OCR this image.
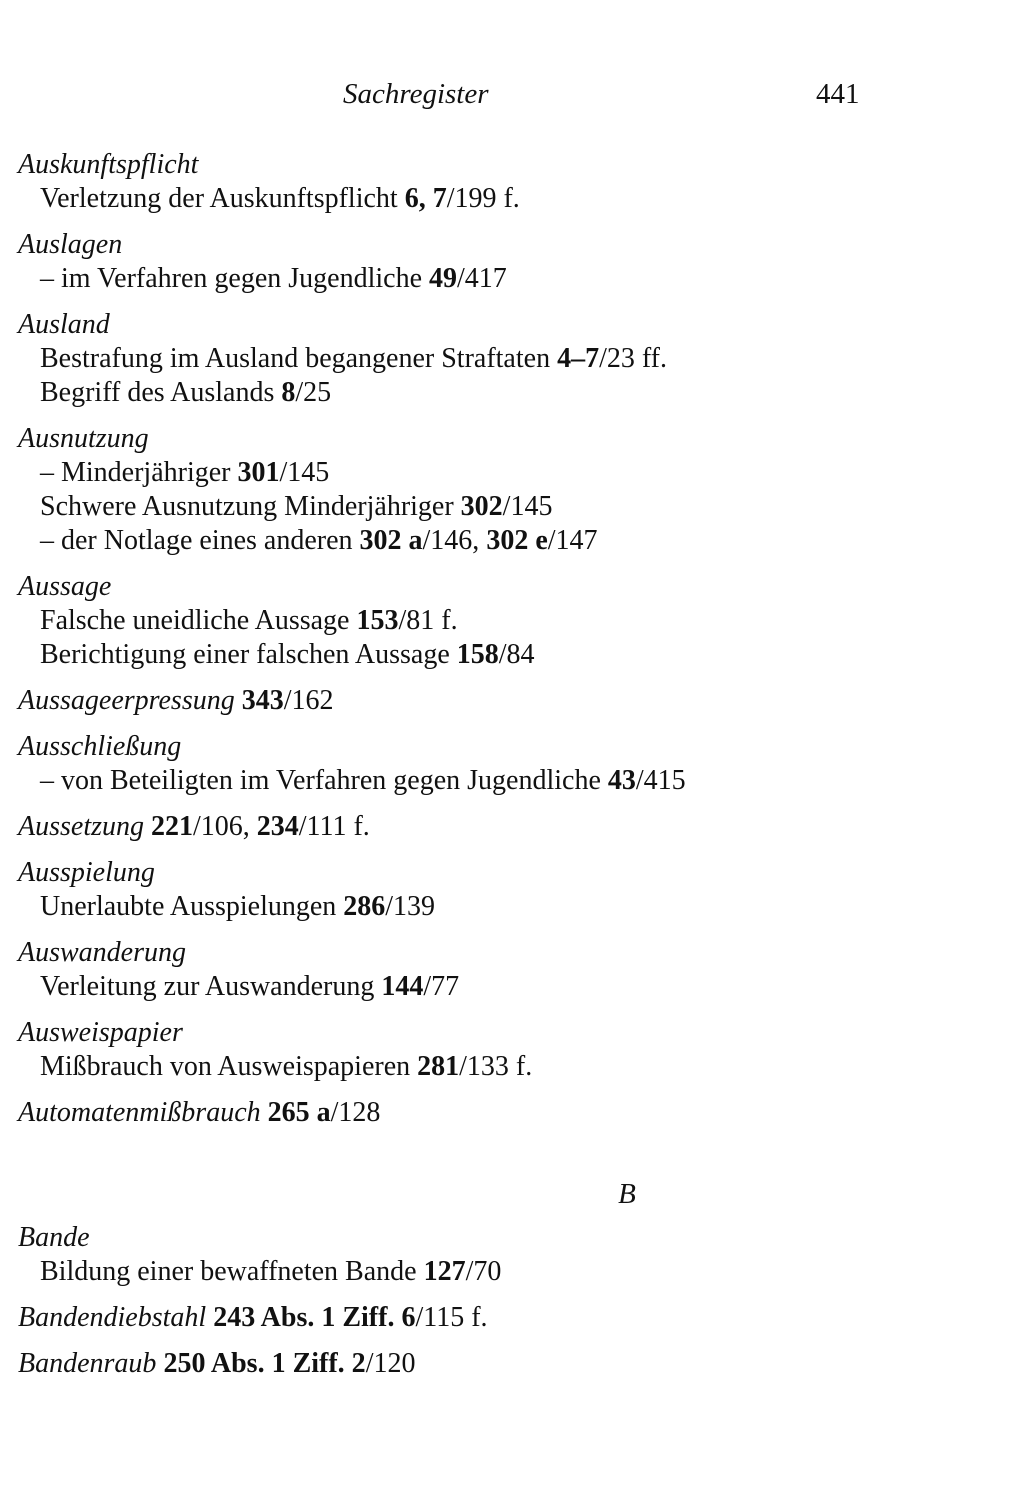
Sachregister	441
Auskunftspflicht
Verletzung der Auskunftspflicht 6, 7/199 f.
Auslagen
– im Verfahren gegen Jugendliche 49/417
Ausland
Bestrafung im Ausland begangener Straftaten 4–7/23 ff.
Begriff des Auslands 8/25
Ausnutzung
– Minderjähriger 301/145
Schwere Ausnutzung Minderjähriger 302/145
– der Notlage eines anderen 302 a/146, 302 e/147
Aussage
Falsche uneidliche Aussage 153/81 f.
Berichtigung einer falschen Aussage 158/84
Aussageerpressung 343/162
Ausschließung
– von Beteiligten im Verfahren gegen Jugendliche 43/415
Aussetzung 221/106, 234/111 f.
Ausspielung
Unerlaubte Ausspielungen 286/139
Auswanderung
Verleitung zur Auswanderung 144/77
Ausweispapier
Mißbrauch von Ausweispapieren 281/133 f.
Automatenmißbrauch 265 a/128
B
Bande
Bildung einer bewaffneten Bande 127/70
Bandendiebstahl 243 Abs. 1 Ziff. 6/115 f.
Bandenraub 250 Abs. 1 Ziff. 2/120
